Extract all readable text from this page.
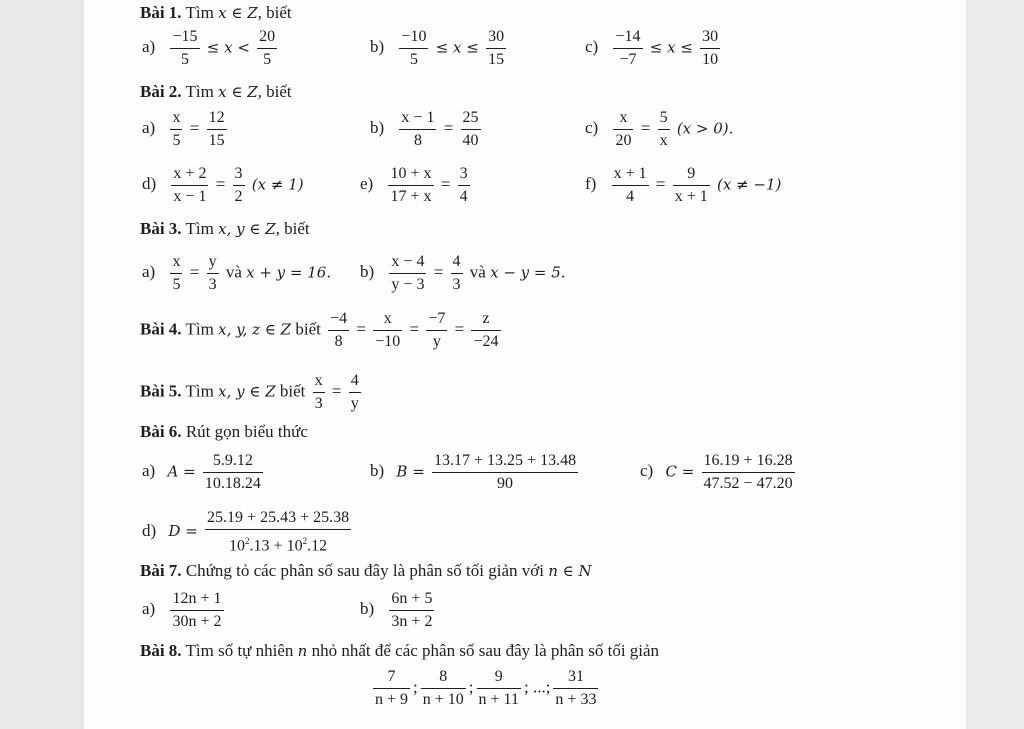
Bài 1. Tìm x ∈ Z, biết
$a) \frac{-15}{5} \le x < \frac{20}{5}$	$b) \frac{-10}{5} \le x \le \frac{30}{15}$	$c) \frac{-14}{-7} \le x \le \frac{30}{10}$
Bài 2. Tìm x ∈ Z, biết
$a) \frac{x}{5} = \frac{12}{15}$	$b) \frac{x - 1}{8} = \frac{25}{40}$	$c) \frac{x}{20} = \frac{5}{x} (x > 0)$.
$d) \frac{x + 2}{x - 1} = \frac{3}{2} (x \ne 1)$	$e) \frac{10 + x}{17 + x} = \frac{3}{4}$	$f) \frac{x + 1}{4} = \frac{9}{x + 1} (x \ne -1)$
Bài 3. Tìm x, y ∈ Z, biết
$a) \frac{x}{5} = \frac{y}{3}$ và x + y = 16. $b) \frac{x - 4}{y - 3} = \frac{4}{3}$ và x − y = 5.
Bài 4. Tìm x, y, z ∈ Z biết $\frac{-4}{8} = \frac{x}{-10} = \frac{-7}{y} = \frac{z}{-24}$
Bài 5. Tìm x, y ∈ Z biết $\frac{x}{3} = \frac{4}{y}$
Bài 6. Rút gọn biểu thức
a) $A = \frac{5.9.12}{10.18.24}$	b) $B = \frac{13.17 + 13.25 + 13.48}{90}$	c) $C = \frac{16.19 + 16.28}{47.52 - 47.20}$
d) $D = \frac{25.19 + 25.43 + 25.38}{10^2.13 + 10^2.12}$
Bài 7. Chứng tỏ các phân số sau đây là phân số tối giản với n ∈ N
$a) \frac{12n + 1}{30n + 2}$	$b) \frac{6n + 5}{3n + 2}$
Bài 8. Tìm số tự nhiên n nhỏ nhất để các phân số sau đây là phân số tối giản
$\frac{7}{n + 9}$ ; $\frac{8}{n + 10}$ ; $\frac{9}{n + 11}$ ; ...; $\frac{31}{n + 33}$
